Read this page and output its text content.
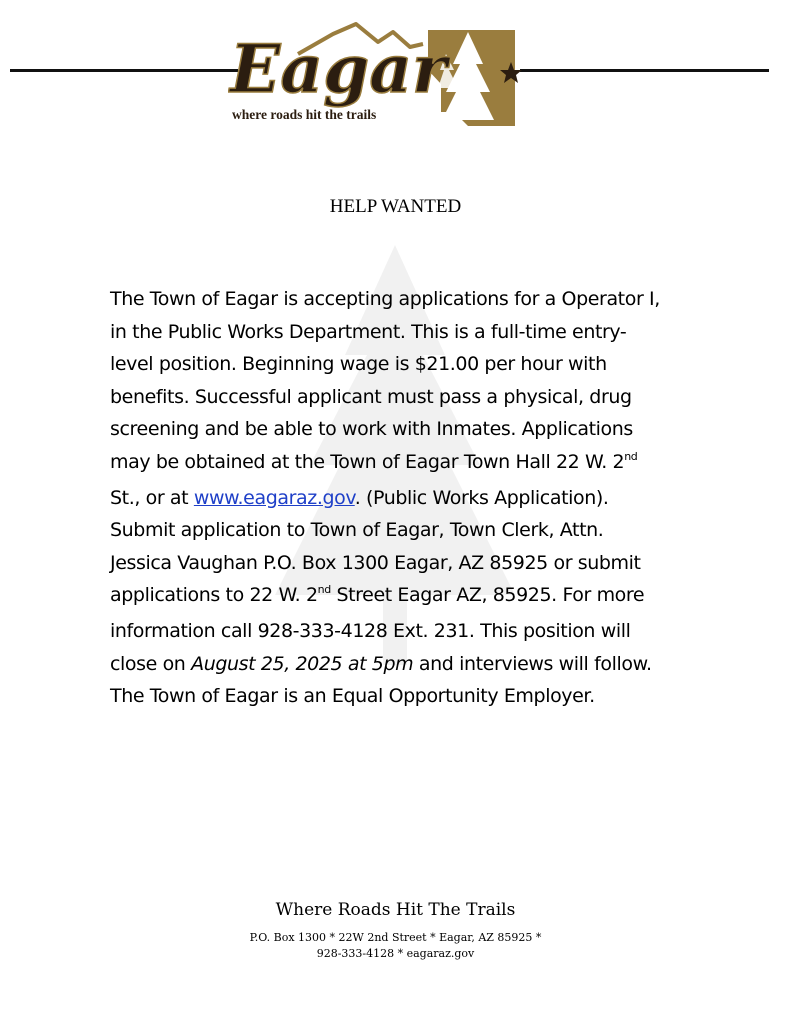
Eagar
where roads hit the trails
HELP WANTED
The Town of Eagar is accepting applications for a Operator I,
in the Public Works Department. This is a full-time entry-
level position. Beginning wage is $21.00 per hour with
benefits. Successful applicant must pass a physical, drug
screening and be able to work with Inmates. Applications
may be obtained at the Town of Eagar Town Hall 22 W. 2nd
St., or at www.eagaraz.gov. (Public Works Application).
Submit application to Town of Eagar, Town Clerk, Attn.
Jessica Vaughan P.O. Box 1300 Eagar, AZ 85925 or submit
applications to 22 W. 2nd Street Eagar AZ, 85925. For more
information call 928-333-4128 Ext. 231. This position will
close on August 25, 2025 at 5pm and interviews will follow.
The Town of Eagar is an Equal Opportunity Employer.
Where Roads Hit The Trails
P.O. Box 1300 * 22W 2nd Street * Eagar, AZ 85925 *
928-333-4128 * eagaraz.gov
